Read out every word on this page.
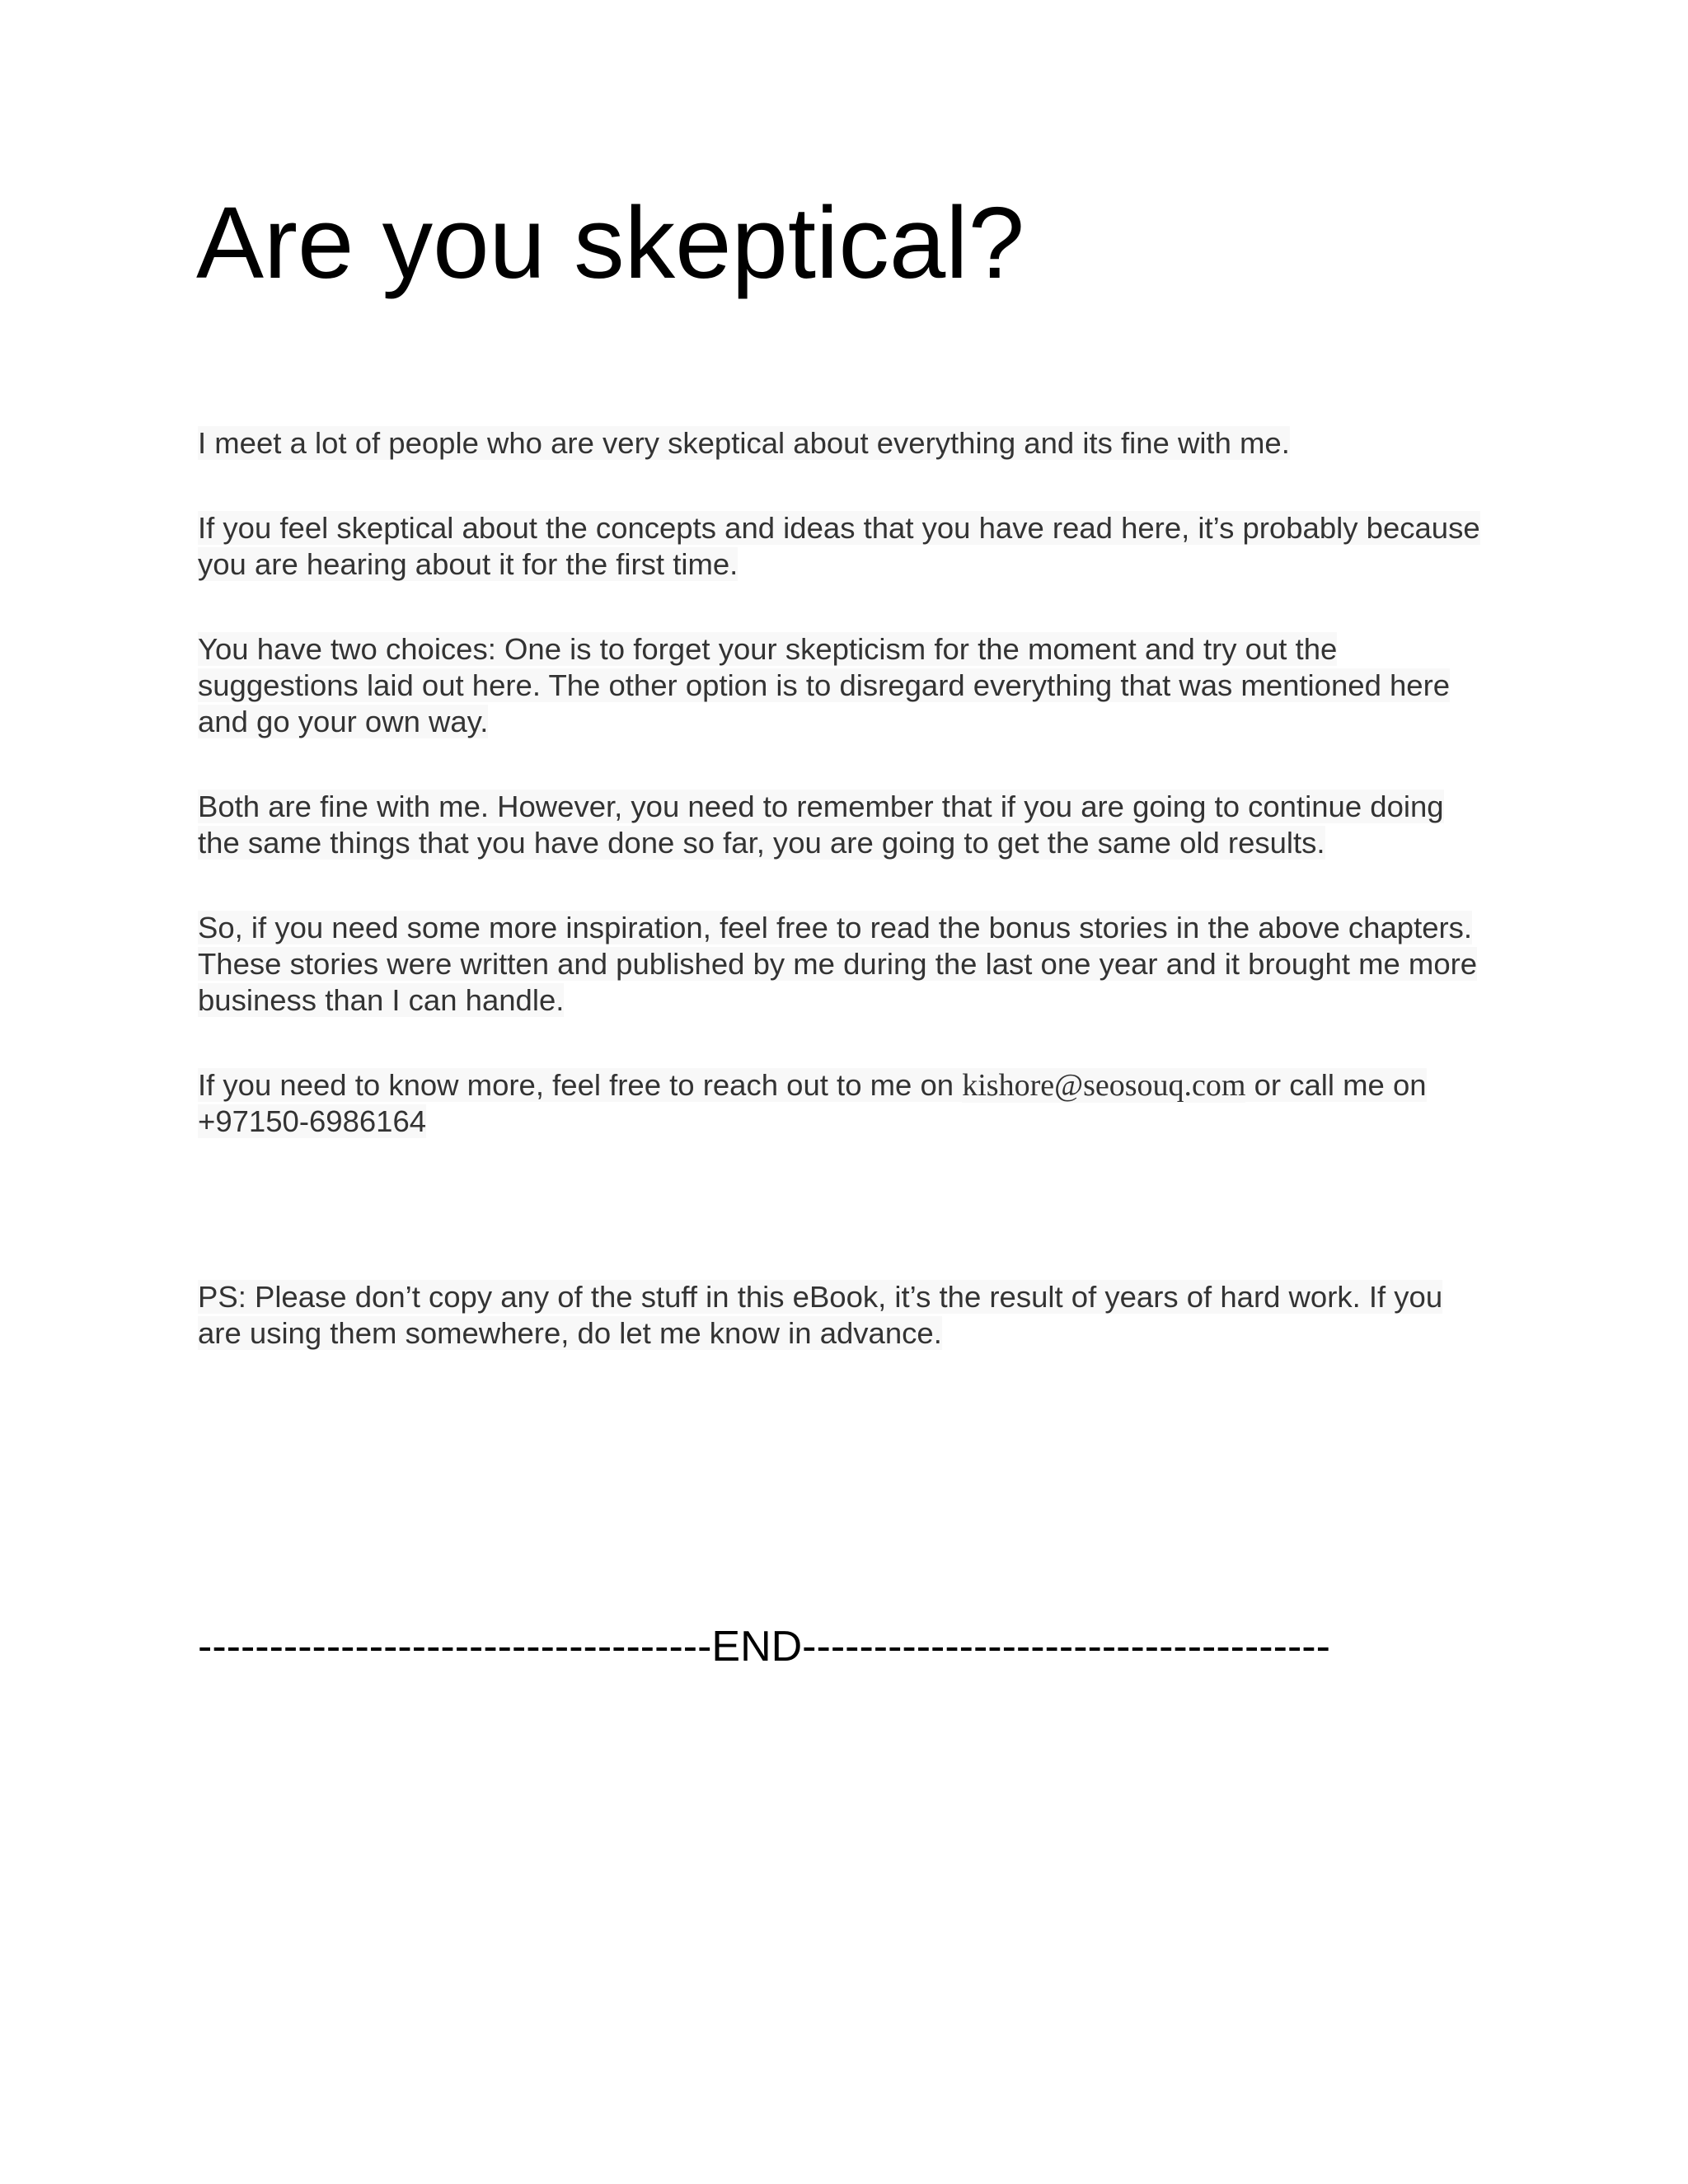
Are you skeptical?

I meet a lot of people who are very skeptical about everything and its fine with me.

If you feel skeptical about the concepts and ideas that you have read here, it’s probably because you are hearing about it for the first time.

You have two choices: One is to forget your skepticism for the moment and try out the suggestions laid out here. The other option is to disregard everything that was mentioned here and go your own way.

Both are fine with me. However, you need to remember that if you are going to continue doing the same things that you have done so far, you are going to get the same old results.

So, if you need some more inspiration, feel free to read the bonus stories in the above chapters. These stories were written and published by me during the last one year and it brought me more business than I can handle.

If you need to know more, feel free to reach out to me on kishore@seosouq.com or call me on
+97150-6986164

PS: Please don’t copy any of the stuff in this eBook, it’s the result of years of hard work. If you are using them somewhere, do let me know in advance.

------------------------------------END-------------------------------------
